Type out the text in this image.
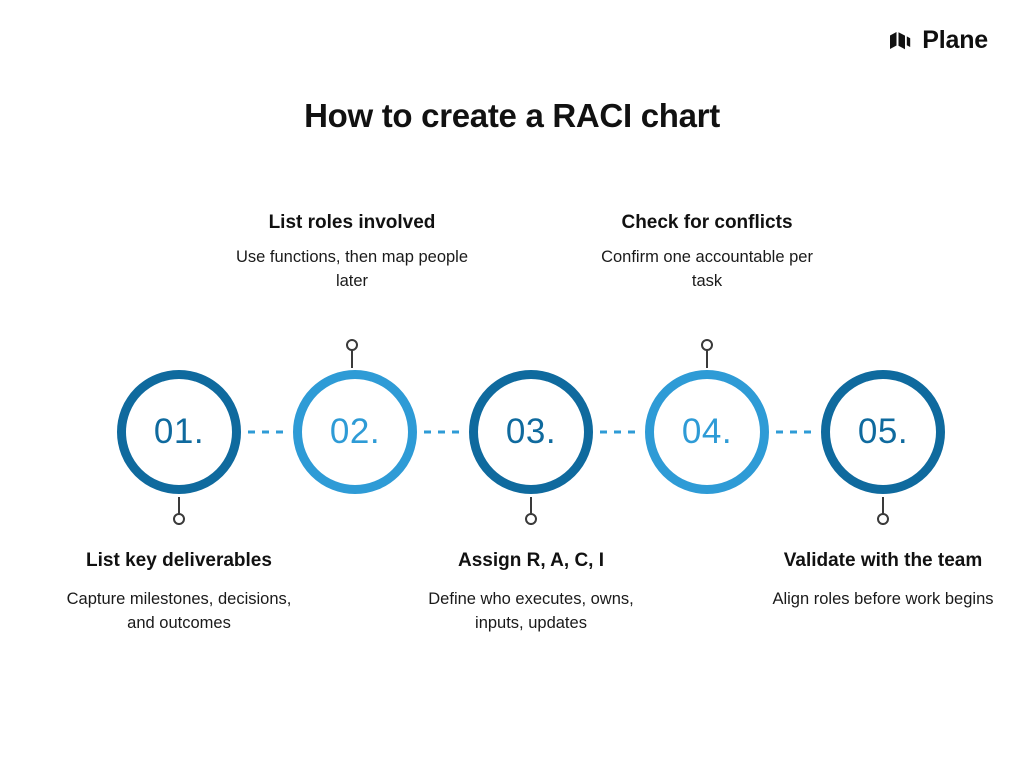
Plane
How to create a RACI chart
01.	02.	03.	04.	05.
List key deliverables
Capture milestones, decisions, and outcomes
List roles involved
Use functions, then map people later
Assign R, A, C, I
Define who executes, owns, inputs, updates
Check for conflicts
Confirm one accountable per task
Validate with the team
Align roles before work begins
